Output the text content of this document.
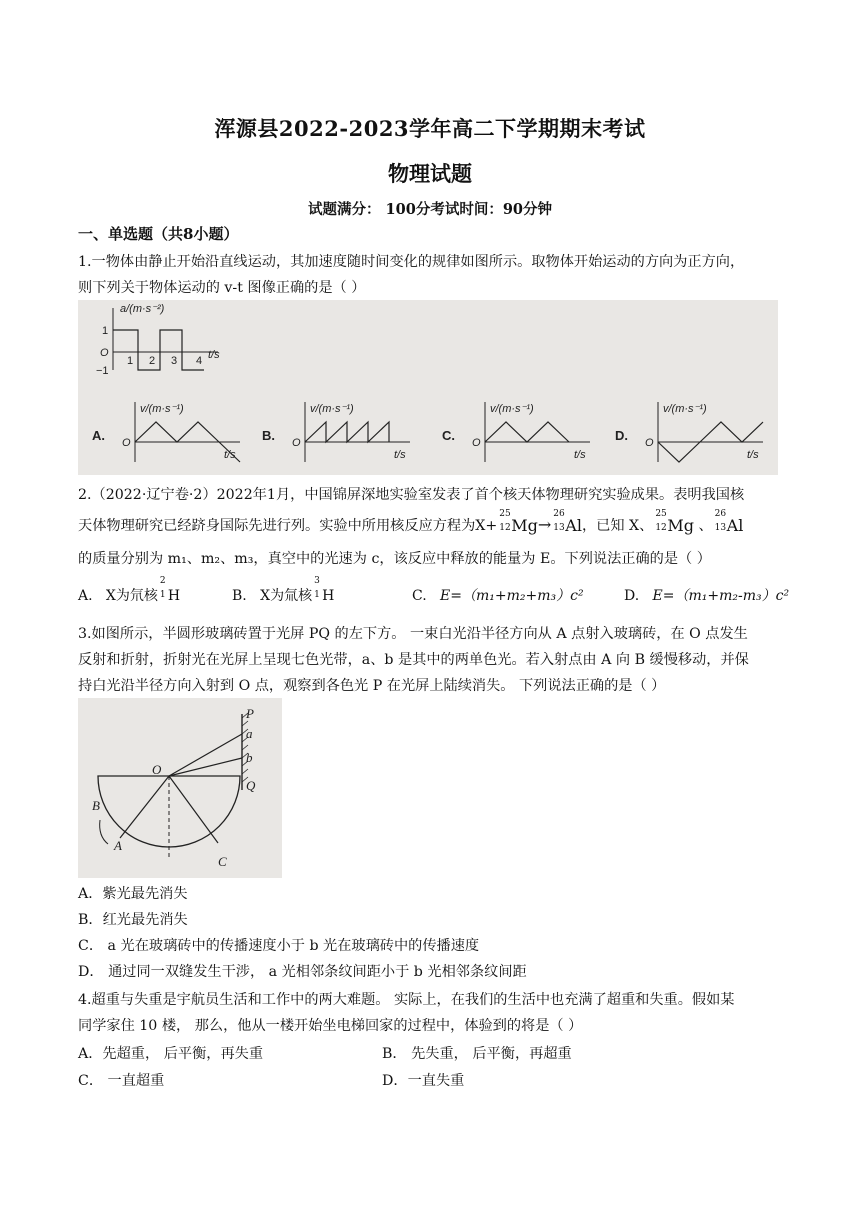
浑源县2022-2023学年高二下学期期末考试
物理试题
试题满分： 100分考试时间：90分钟
一、单选题（共8小题）
1.一物体由静止开始沿直线运动，其加速度随时间变化的规律如图所示。取物体开始运动的方向为正方向，
则下列关于物体运动的 v-t 图像正确的是（ ）
a/(m·s⁻²)
1
O
−1
1 2 3 4 t/s
A.
v/(m·s⁻¹)
O
t/s
B.
v/(m·s⁻¹)
O
t/s
C.
v/(m·s⁻¹)
O
t/s
D.
v/(m·s⁻¹)
O
t/s
2.（2022·辽宁卷·2）2022年1月，中国锦屏深地实验室发表了首个核天体物理研究实验成果。表明我国核
天体物理研究已经跻身国际先进行列。实验中所用核反应方程为X+
25
12 Mg→
26
13 Al，已知 X、
25
12 Mg 、
26
13 Al
的质量分别为 m₁、m₂、m₃，真空中的光速为 c，该反应中释放的能量为 E。下列说法正确的是（ ）
A. X为氘核
2
1 H	B. X为氚核
3
1 H	C. E=（m₁+m₂+m₃）c²	D. E=（m₁+m₂-m₃）c²
3.如图所示，半圆形玻璃砖置于光屏 PQ 的左下方。 一束白光沿半径方向从 A 点射入玻璃砖，在 O 点发生
反射和折射，折射光在光屏上呈现七色光带，a、b 是其中的两单色光。若入射点由 A 向 B 缓慢移动，并保
持白光沿半径方向入射到 O 点，观察到各色光 P 在光屏上陆续消失。 下列说法正确的是（ ）
P
a
b
Q
O
B
A
C
A．紫光最先消失
B．红光最先消失
C． a 光在玻璃砖中的传播速度小于 b 光在玻璃砖中的传播速度
D． 通过同一双缝发生干涉， a 光相邻条纹间距小于 b 光相邻条纹间距
4.超重与失重是宇航员生活和工作中的两大难题。 实际上，在我们的生活中也充满了超重和失重。假如某
同学家住 10 楼， 那么，他从一楼开始坐电梯回家的过程中，体验到的将是（ ）
A．先超重， 后平衡，再失重	B． 先失重， 后平衡，再超重
C． 一直超重	D．一直失重
